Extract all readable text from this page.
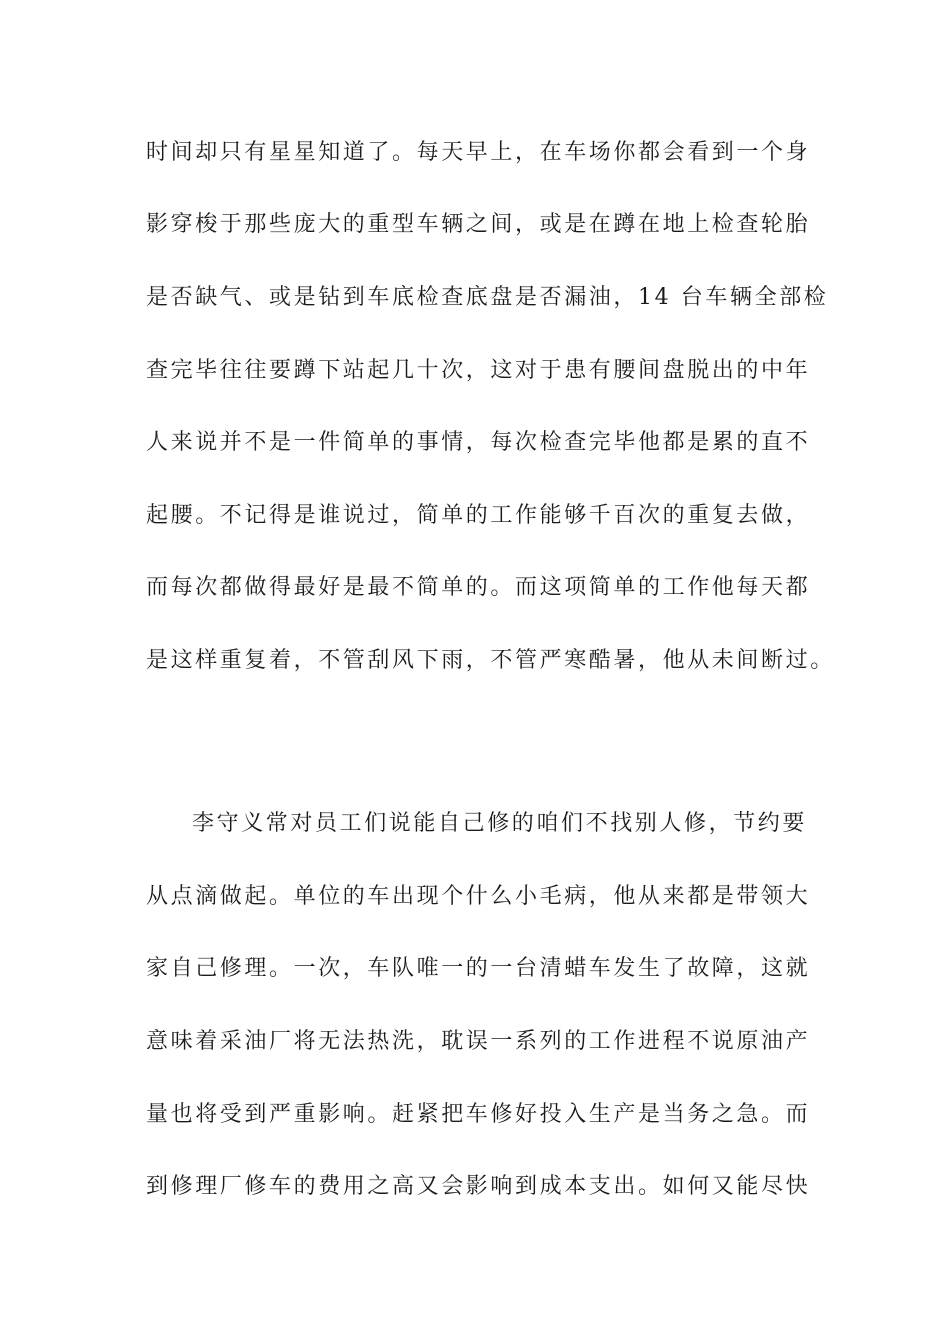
时间却只有星星知道了。每天早上，在车场你都会看到一个身
影穿梭于那些庞大的重型车辆之间，或是在蹲在地上检查轮胎
是否缺气、或是钻到车底检查底盘是否漏油，14 台车辆全部检
查完毕往往要蹲下站起几十次，这对于患有腰间盘脱出的中年
人来说并不是一件简单的事情，每次检查完毕他都是累的直不
起腰。不记得是谁说过，简单的工作能够千百次的重复去做，
而每次都做得最好是最不简单的。而这项简单的工作他每天都
是这样重复着，不管刮风下雨，不管严寒酷暑，他从未间断过。
李守义常对员工们说能自己修的咱们不找别人修，节约要
从点滴做起。单位的车出现个什么小毛病，他从来都是带领大
家自己修理。一次，车队唯一的一台清蜡车发生了故障，这就
意味着采油厂将无法热洗，耽误一系列的工作进程不说原油产
量也将受到严重影响。赶紧把车修好投入生产是当务之急。而
到修理厂修车的费用之高又会影响到成本支出。如何又能尽快
